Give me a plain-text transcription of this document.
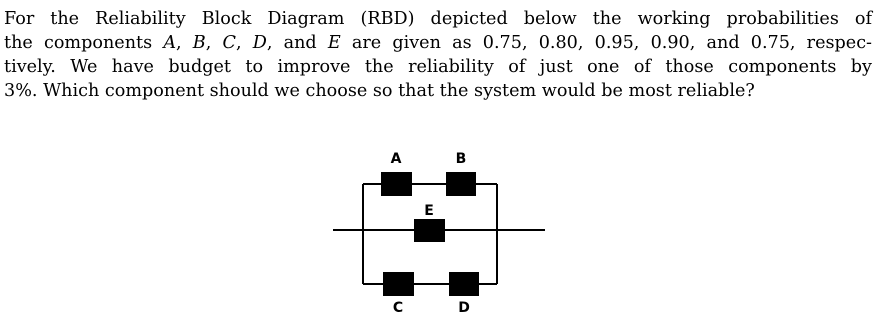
For the Reliability Block Diagram (RBD) depicted below the working probabilities of
the components A, B, C, D, and E are given as 0.75, 0.80, 0.95, 0.90, and 0.75, respec-
tively. We have budget to improve the reliability of just one of those components by
3%. Which component should we choose so that the system would be most reliable?
A	B
E
C	D
